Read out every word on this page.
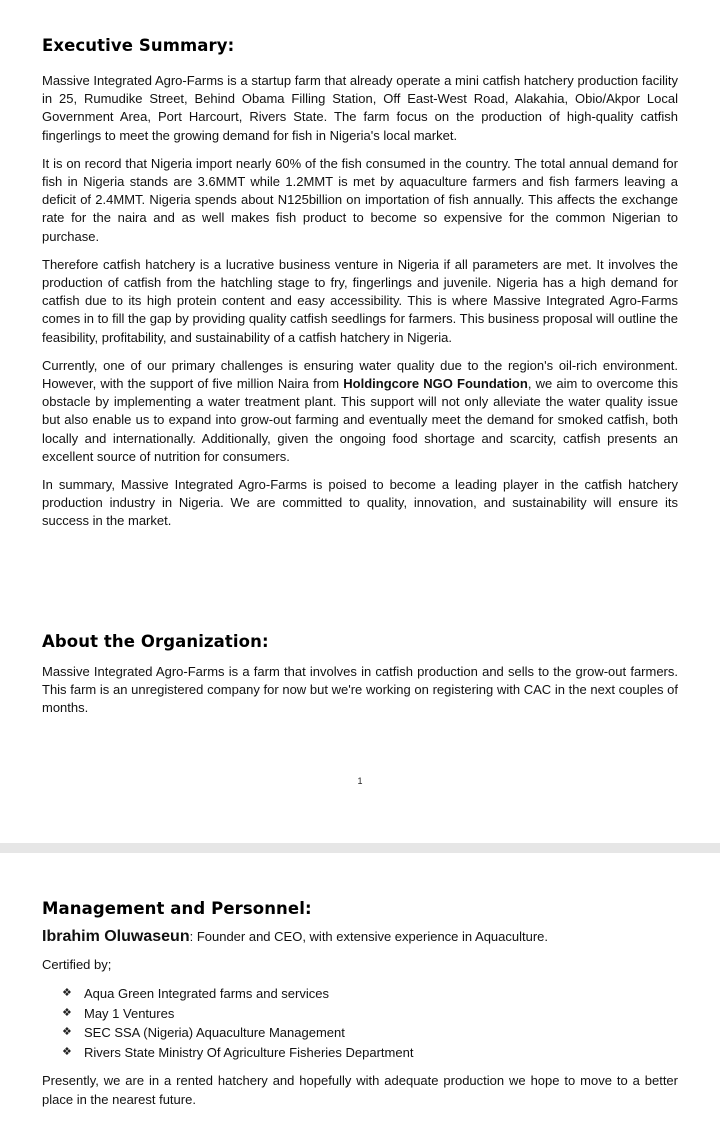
Executive Summary:

Massive Integrated Agro-Farms is a startup farm that already operate a mini catfish hatchery production facility in 25, Rumudike Street, Behind Obama Filling Station, Off East-West Road, Alakahia, Obio/Akpor Local Government Area, Port Harcourt, Rivers State. The farm focus on the production of high-quality catfish fingerlings to meet the growing demand for fish in Nigeria's local market.

It is on record that Nigeria import nearly 60% of the fish consumed in the country. The total annual demand for fish in Nigeria stands are 3.6MMT while 1.2MMT is met by aquaculture farmers and fish farmers leaving a deficit of 2.4MMT. Nigeria spends about N125billion on importation of fish annually. This affects the exchange rate for the naira and as well makes fish product to become so expensive for the common Nigerian to purchase.

Therefore catfish hatchery is a lucrative business venture in Nigeria if all parameters are met. It involves the production of catfish from the hatchling stage to fry, fingerlings and juvenile. Nigeria has a high demand for catfish due to its high protein content and easy accessibility. This is where Massive Integrated Agro-Farms comes in to fill the gap by providing quality catfish seedlings for farmers. This business proposal will outline the feasibility, profitability, and sustainability of a catfish hatchery in Nigeria.

Currently, one of our primary challenges is ensuring water quality due to the region's oil-rich environment. However, with the support of five million Naira from Holdingcore NGO Foundation, we aim to overcome this obstacle by implementing a water treatment plant. This support will not only alleviate the water quality issue but also enable us to expand into grow-out farming and eventually meet the demand for smoked catfish, both locally and internationally. Additionally, given the ongoing food shortage and scarcity, catfish presents an excellent source of nutrition for consumers.

In summary, Massive Integrated Agro-Farms is poised to become a leading player in the catfish hatchery production industry in Nigeria. We are committed to quality, innovation, and sustainability will ensure its success in the market.

About the Organization:

Massive Integrated Agro-Farms is a farm that involves in catfish production and sells to the grow-out farmers. This farm is an unregistered company for now but we're working on registering with CAC in the next couples of months.

1
Management and Personnel:

Ibrahim Oluwaseun: Founder and CEO, with extensive experience in Aquaculture.

Certified by;

❖ Aqua Green Integrated farms and services
❖ May 1 Ventures
❖ SEC SSA (Nigeria) Aquaculture Management
❖ Rivers State Ministry Of Agriculture Fisheries Department

Presently, we are in a rented hatchery and hopefully with adequate production we hope to move to a better place in the nearest future.
